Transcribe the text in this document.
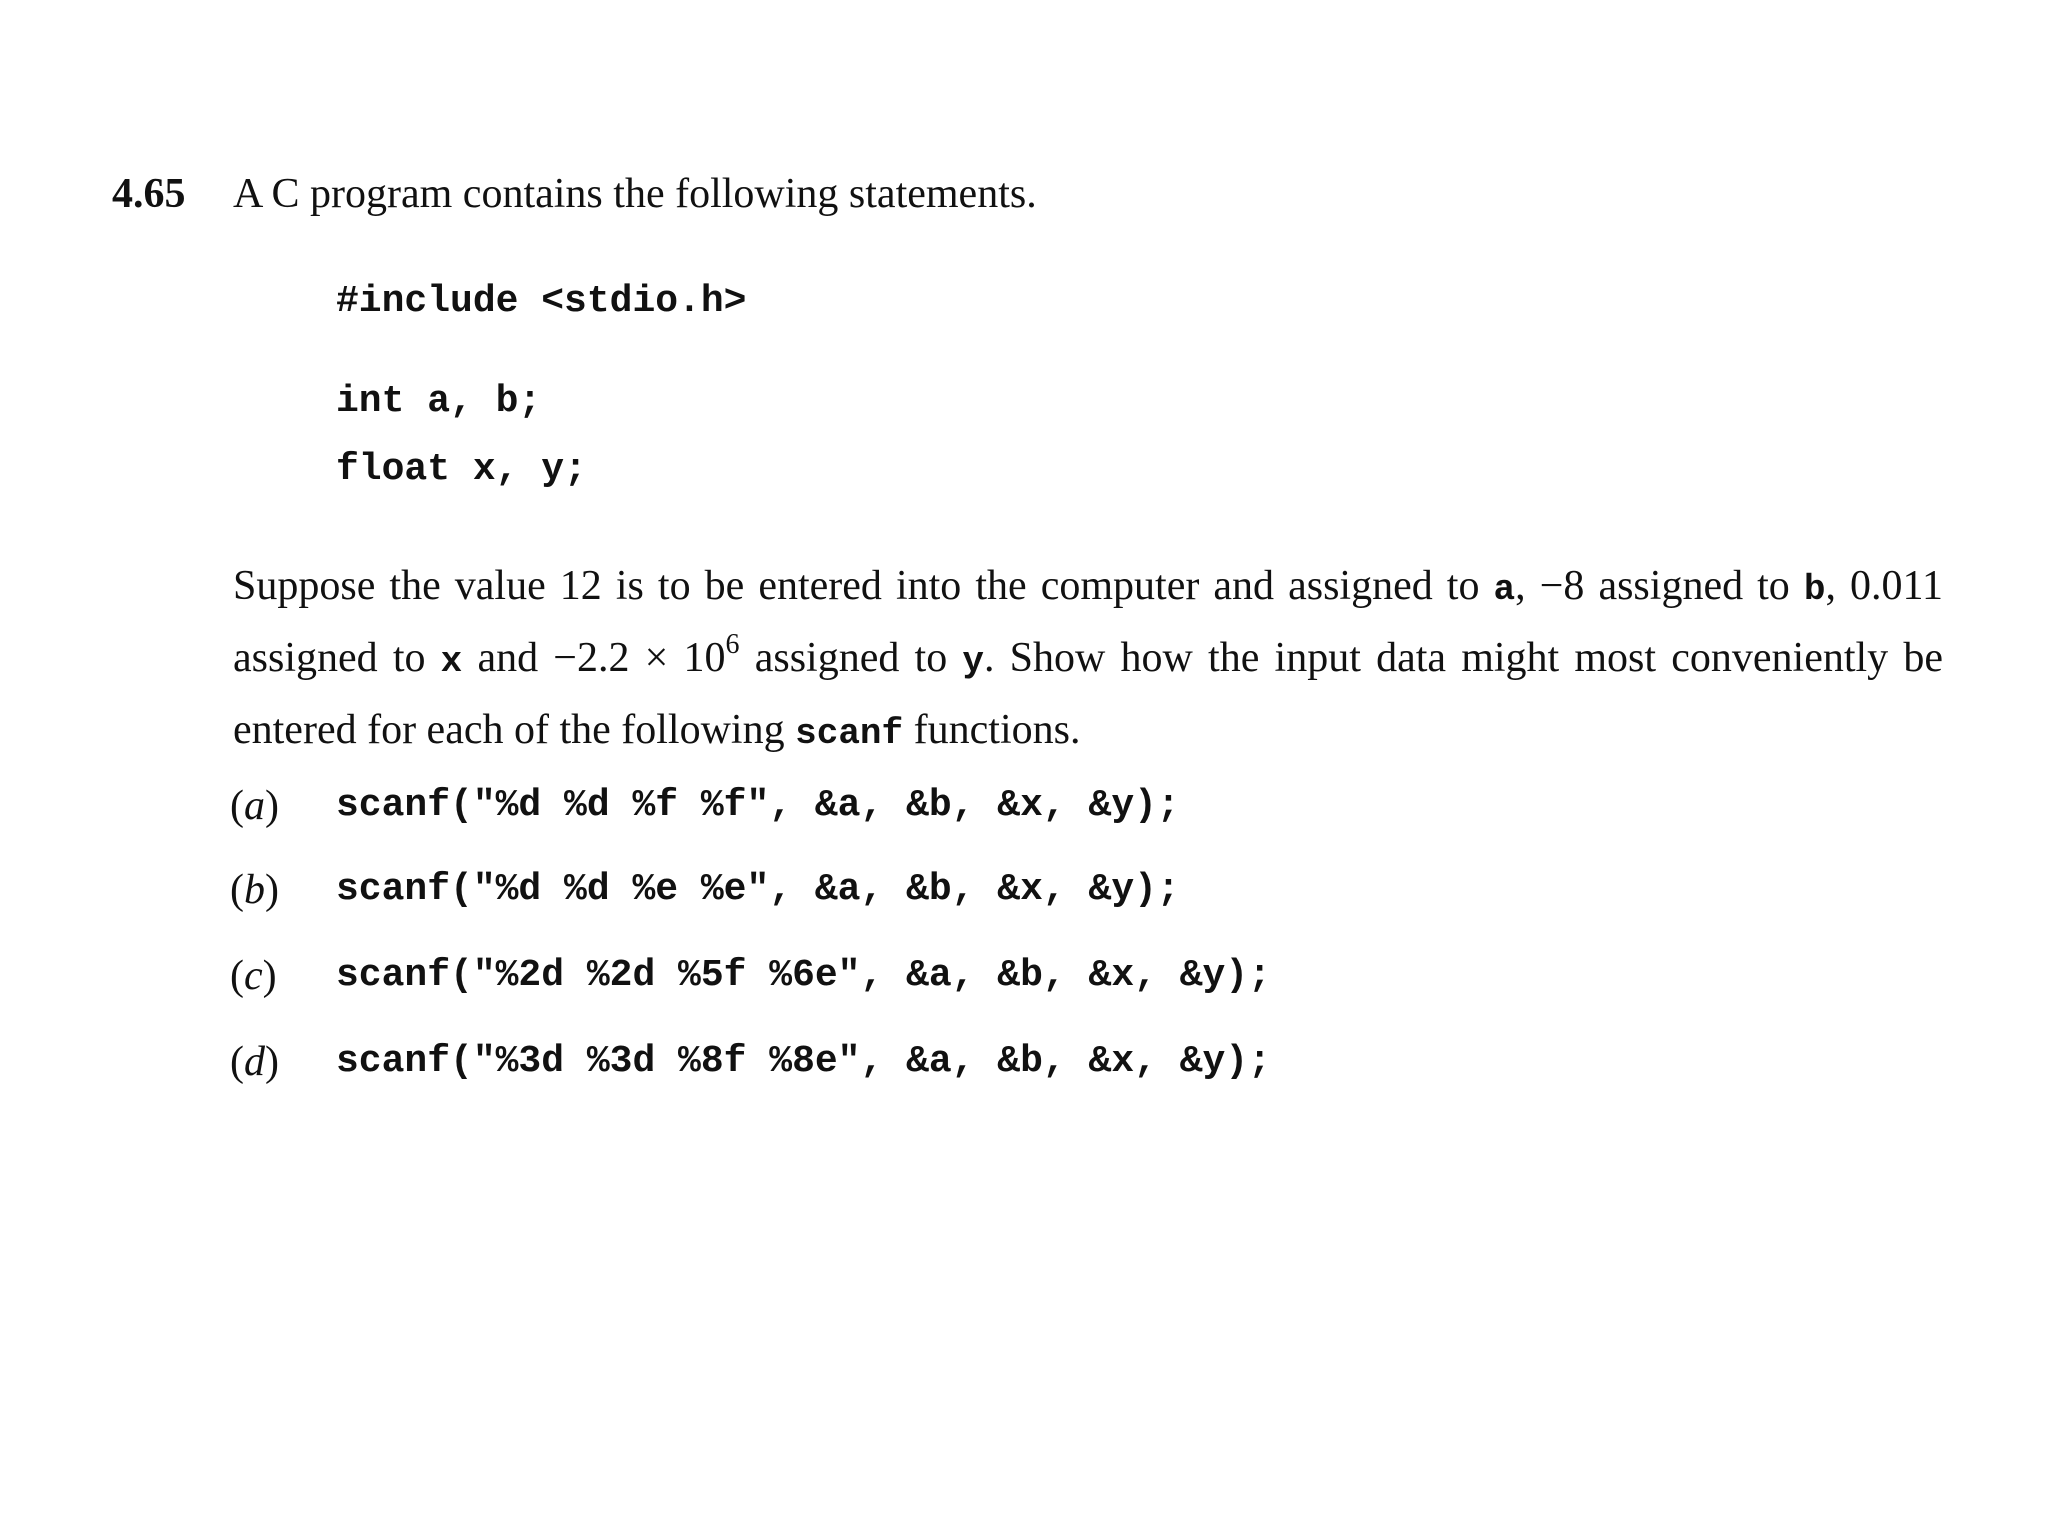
4.65 A C program contains the following statements.
#include <stdio.h>
int a, b;
float x, y;
Suppose the value 12 is to be entered into the computer and assigned to a, −8 assigned to b, 0.011 assigned to x and $-2.2 \times 10^6$ assigned to y. Show how the input data might most conveniently be entered for each of the following scanf functions.

(a)

scanf("%d %d %f %f", &a, &b, &x, &y);

(b)

scanf("%d %d %e %e", &a, &b, &x, &y);

(c)

scanf("%2d %2d %5f %6e", &a, &b, &x, &y);

(d)

scanf("%3d %3d %8f %8e", &a, &b, &x, &y);
